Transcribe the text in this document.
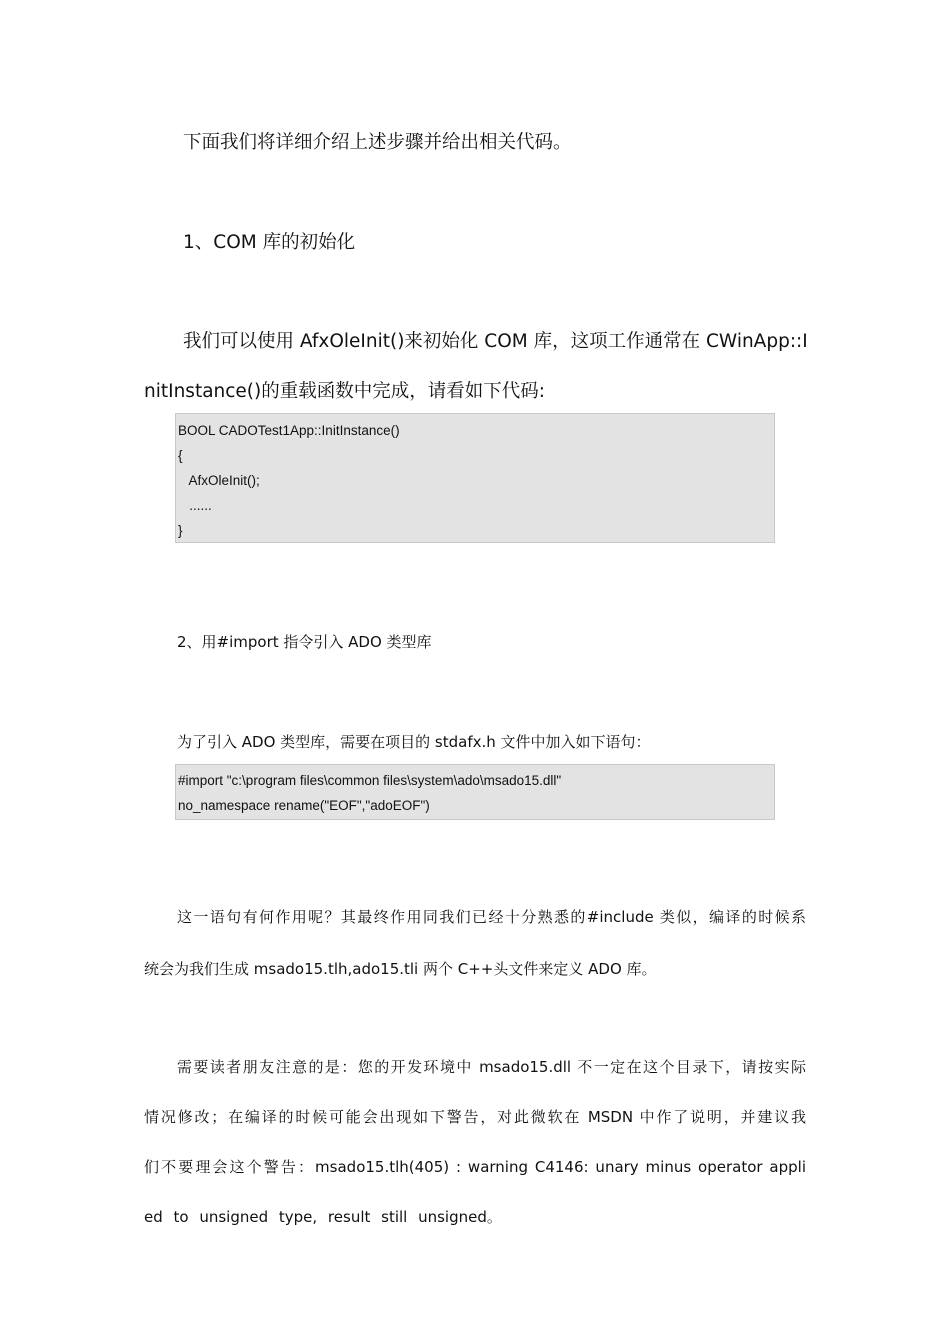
下面我们将详细介绍上述步骤并给出相关代码。

1、COM 库的初始化

我们可以使用 AfxOleInit()来初始化 COM 库，这项工作通常在 CWinApp::I

nitInstance()的重载函数中完成，请看如下代码:

BOOL CADOTest1App::InitInstance()
{
AfxOleInit();
......
}

2、用#import 指令引入 ADO 类型库

为了引入 ADO 类型库，需要在项目的 stdafx.h 文件中加入如下语句：

#import "c:\program files\common files\system\ado\msado15.dll"
no_namespace rename("EOF","adoEOF")

这一语句有何作用呢？其最终作用同我们已经十分熟悉的#include 类似，编译的时候系

统会为我们生成 msado15.tlh,ado15.tli 两个 C++头文件来定义 ADO 库。

需要读者朋友注意的是：您的开发环境中 msado15.dll 不一定在这个目录下，请按实际

情况修改；在编译的时候可能会出现如下警告，对此微软在 MSDN 中作了说明，并建议我

们不要理会这个警告：msado15.tlh(405) : warning C4146: unary minus operator appli

ed to unsigned type, result still unsigned。
